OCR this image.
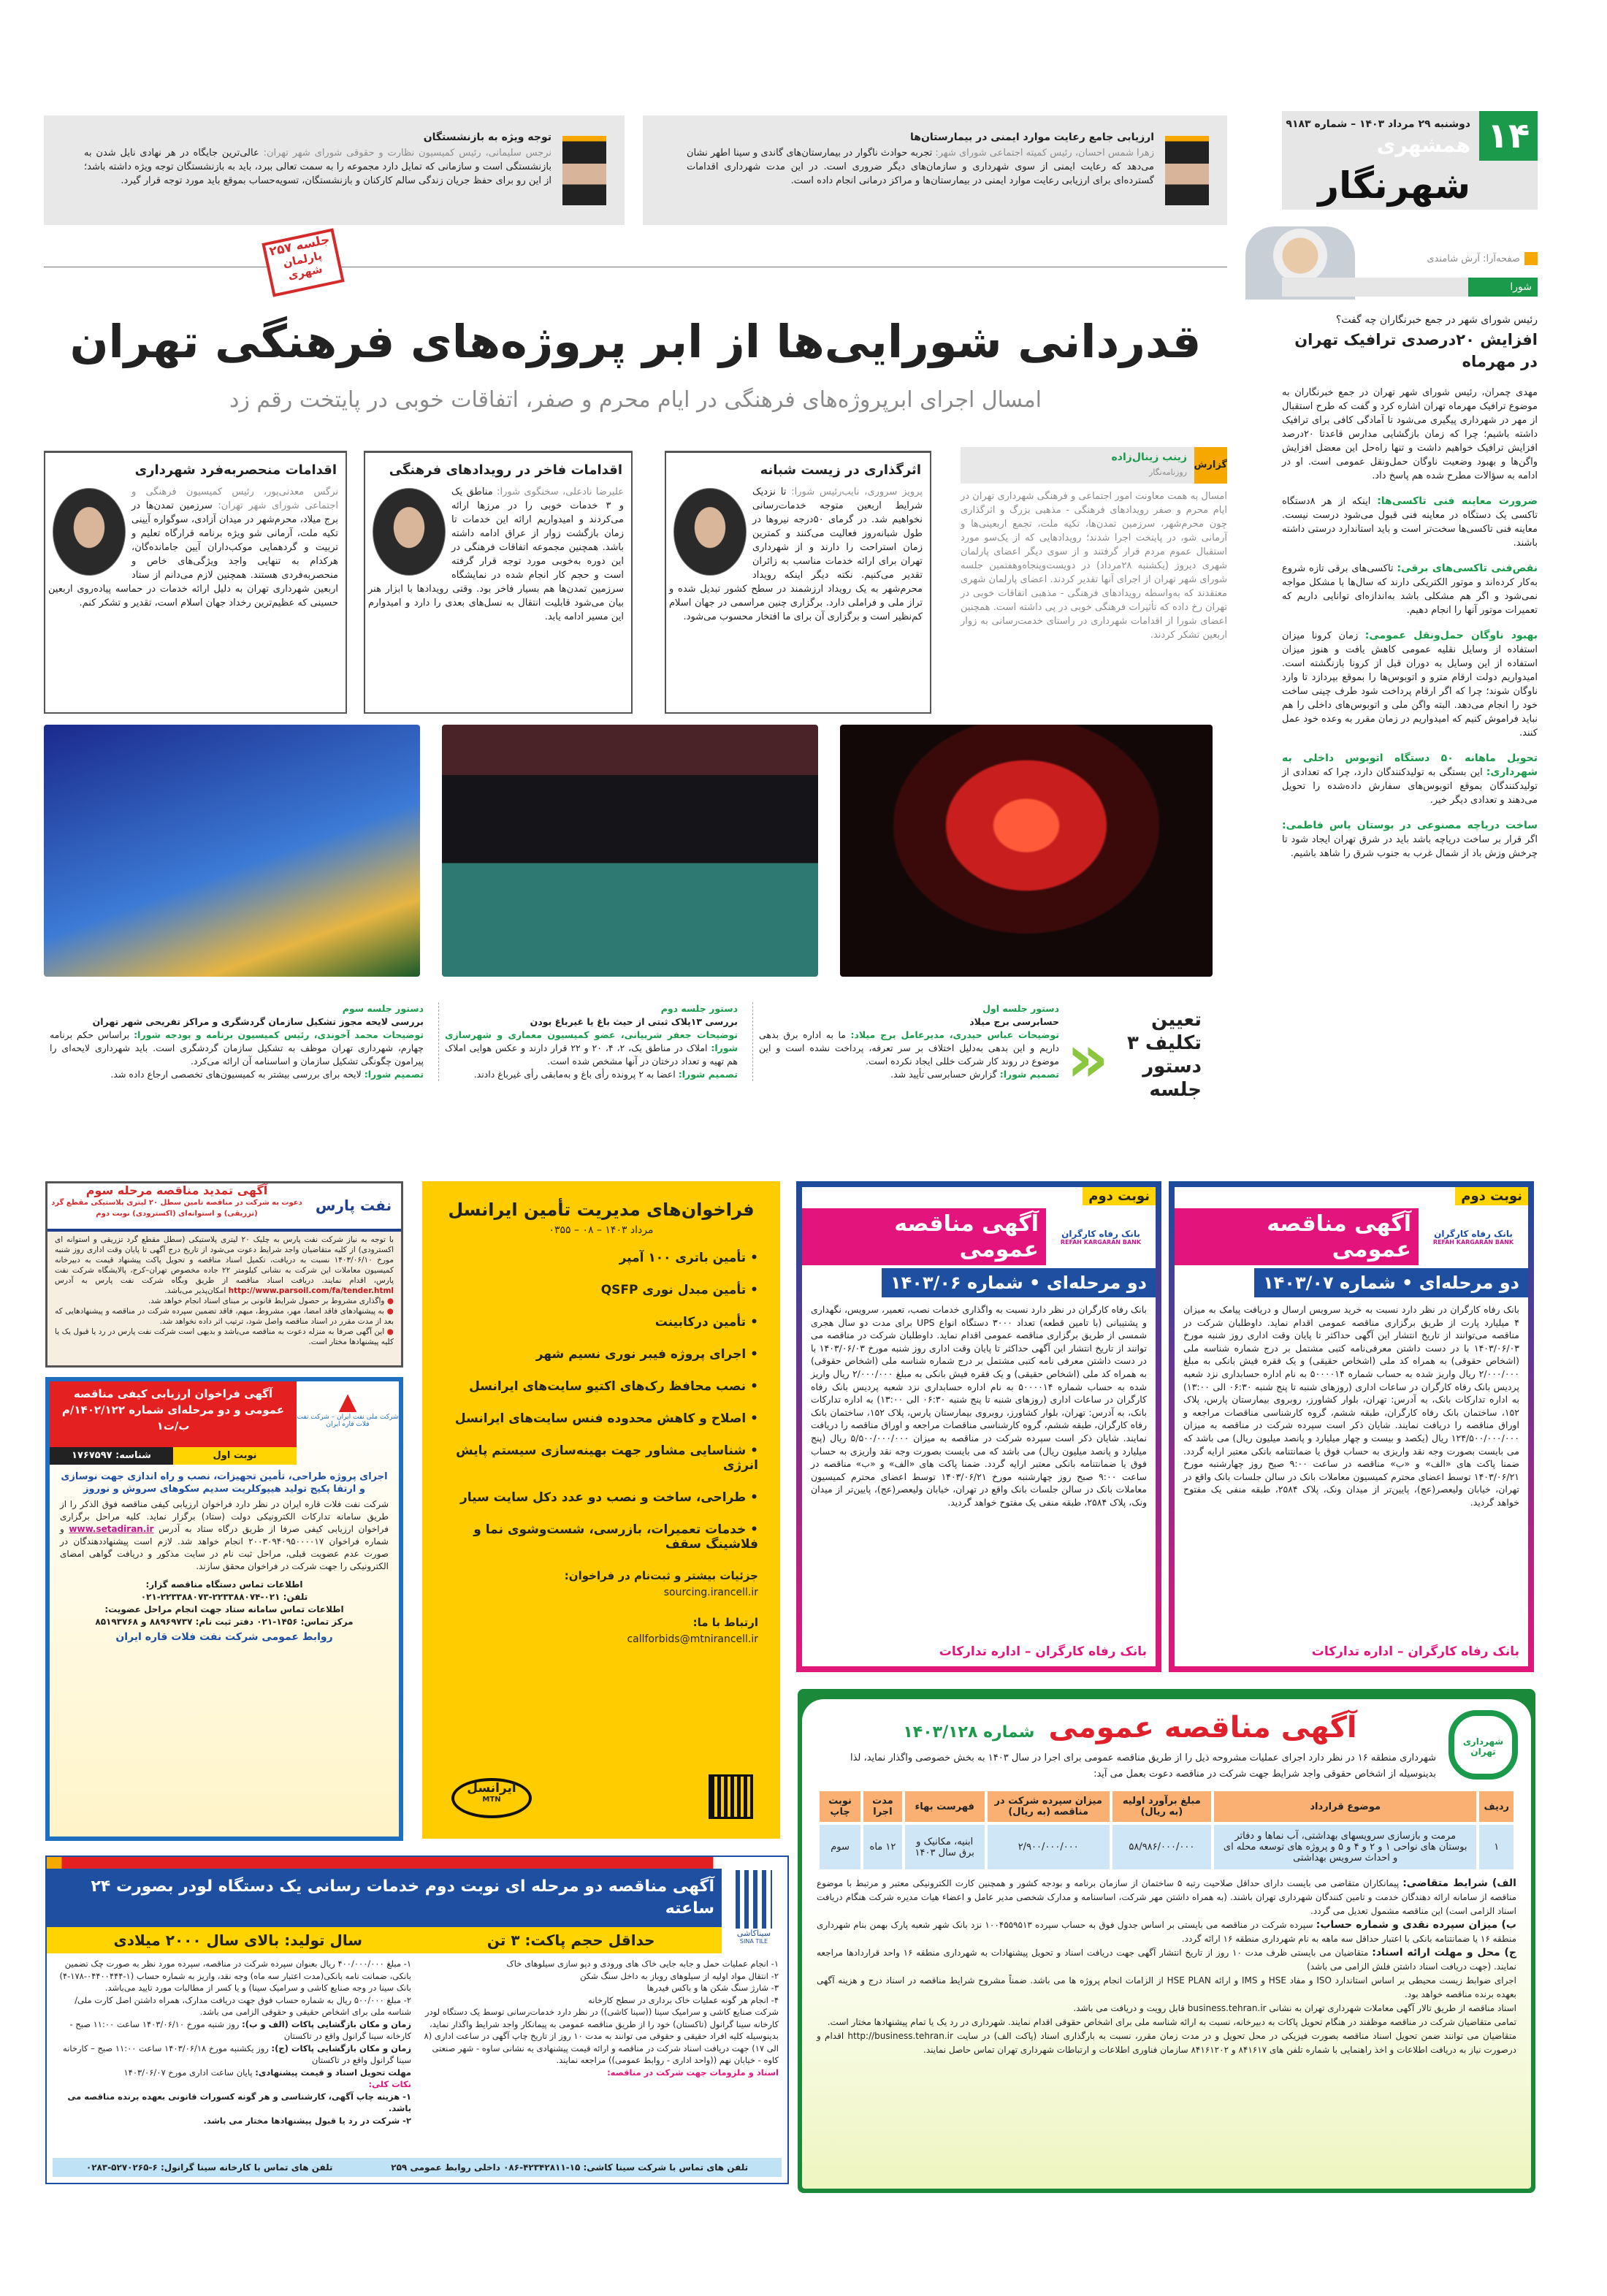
۱۴
دوشنبه ۲۹ مرداد ۱۴۰۳ – شماره ۹۱۸۳
همشهری
شهرنگار
صفحه‌آرا: آرش شامندی
شورا
رئیس شورای شهر در جمع خبرنگاران چه گفت؟
افزایش ۲۰درصدی ترافیک تهران در مهرماه

مهدی چمران، رئیس شورای شهر تهران در جمع خبرنگاران به موضوع ترافیک مهرماه تهران اشاره کرد و گفت که طرح استقبال از مهر در شهرداری پیگیری می‌شود تا آمادگی کافی برای ترافیک داشته باشیم؛ چرا که زمان بازگشایی مدارس قاعدتا ۲۰درصد افزایش ترافیک خواهیم داشت و تنها راه‌حل این معضل افزایش واگن‌ها و بهبود وضعیت ناوگان حمل‌ونقل عمومی است. او در ادامه به سؤالات مطرح شده هم پاسخ داد.

ضرورت معاینه فنی تاکسی‌ها: اینکه از هر ۸دستگاه تاکسی یک دستگاه در معاینه فنی قبول می‌شود درست نیست. معاینه فنی تاکسی‌ها سخت‌تر است و باید استاندارد درستی داشته باشند.

نقص‌فنی تاکسی‌های برقی: تاکسی‌های برقی تازه شروع به‌کار کرده‌اند و موتور الکتریکی دارند که سال‌ها با مشکل مواجه نمی‌شود و اگر هم مشکلی باشد به‌اندازه‌ای توانایی داریم که تعمیرات موتور آنها را انجام دهیم.

بهبود ناوگان حمل‌ونقل عمومی: زمان کرونا میزان استفاده از وسایل نقلیه عمومی کاهش یافت و هنوز میزان استفاده از این وسایل به دوران قبل از کرونا بازنگشته است. امیدواریم دولت ارقام مترو و اتوبوس‌ها را بموقع بپردازد تا وارد ناوگان شوند؛ چرا که اگر ارقام پرداخت شود طرف چینی ساخت خود را انجام می‌دهد. البته واگن ملی و اتوبوس‌های داخلی را هم نباید فراموش کنیم که امیدواریم در زمان مقرر به وعده خود عمل کنند.

تحویل ماهانه ۵۰ دستگاه اتوبوس داخلی به شهرداری: این بستگی به تولیدکنندگان دارد، چرا که تعدادی از تولیدکنندگان بموقع اتوبوس‌های سفارش داده‌شده را تحویل می‌دهند و تعدادی دیگر خیر.

ساخت دریاچه مصنوعی در بوستان یاس فاطمی: اگر قرار بر ساخت دریاچه باشد باید در شرق تهران ایجاد شود تا چرخش وزش باد از شمال غرب به جنوب شرق را شاهد باشیم.

ارزیابی جامع رعایت موارد ایمنی در بیمارستان‌ها
زهرا شمس احسان، رئیس کمیته اجتماعی شورای شهر: تجربه حوادث ناگوار در بیمارستان‌های گاندی و سینا اطهر نشان می‌دهد که رعایت ایمنی از سوی شهرداری و سازمان‌های دیگر ضروری است. در این مدت شهرداری اقدامات گسترده‌ای برای ارزیابی رعایت موارد ایمنی در بیمارستان‌ها و مراکز درمانی انجام داده است.
توجه ویژه به بازنشستگان
نرجس سلیمانی، رئیس کمیسیون نظارت و حقوقی شورای شهر تهران: عالی‌ترین جایگاه در هر نهادی نایل شدن به بازنشستگی است و سازمانی که تمایل دارد مجموعه را به سمت تعالی ببرد، باید به بازنشستگان توجه ویژه داشته باشد؛ از این رو برای حفظ جریان زندگی سالم کارکنان و بازنشستگان، تسویه‌حساب بموقع باید مورد توجه قرار گیرد.
جلسه ۲۵۷
پارلمان شهری
قدردانی شورایی‌ها از ابر پروژه‌های فرهنگی تهران
امسال اجرای ابرپروژه‌های فرهنگی در ایام محرم و صفر، اتفاقات خوبی در پایتخت رقم زد
گزارش
زینب زینال‌زاده
روزنامه‌نگار

امسال به همت معاونت امور اجتماعی و فرهنگی شهرداری تهران در ایام محرم و صفر رویدادهای فرهنگی - مذهبی بزرگ و اثرگذاری چون محرم‌شهر، سرزمین تمدن‌ها، تکیه ملت، تجمع اربعینی‌ها و آرمانی شو، در پایتخت اجرا شدند؛ رویدادهایی که از یک‌سو مورد استقبال عموم مردم قرار گرفتند و از سوی دیگر اعضای پارلمان شهری دیروز (یکشنبه ۲۸مرداد) در دویست‌وپنجاه‌وهفتمین جلسه شورای شهر تهران از اجرای آنها تقدیر کردند. اعضای پارلمان شهری معتقدند که به‌واسطه رویدادهای فرهنگی - مذهبی اتفاقات خوبی در تهران رخ داده که تأثیرات فرهنگی خوبی در پی داشته است. همچنین اعضای شورا از اقدامات شهرداری در راستای خدمت‌رسانی به زوار اربعین تشکر کردند.

اثرگذاری در زیست شبانه
پرویز سروری، نایب‌رئیس شورا: تا نزدیک شرایط اربعین متوجه خدمات‌رسانی نخواهیم شد. در گرمای ۵۰درجه نیروها در طول شبانه‌روز فعالیت می‌کنند و کمترین زمان استراحت را دارند و از شهرداری تهران برای ارائه خدمات مناسب به زائران تقدیر می‌کنیم. نکته دیگر اینکه رویداد محرم‌شهر به یک رویداد ارزشمند در سطح کشور تبدیل شده و تراز ملی و فراملی دارد. برگزاری چنین مراسمی در جهان اسلام کم‌نظیر است و برگزاری آن برای ما افتخار محسوب می‌شود.
اقدامات فاخر در رویدادهای فرهنگی
علیرضا نادعلی، سخنگوی شورا: مناطق یک و ۳ خدمات خوبی را در مرزها ارائه می‌کردند و امیدواریم ارائه این خدمات تا زمان بازگشت زوار از عراق ادامه داشته باشد. همچنین مجموعه اتفاقات فرهنگی در این دوره به‌خوبی مورد توجه قرار گرفته است و حجم کار انجام شده در نمایشگاه سرزمین تمدن‌ها هم بسیار فاخر بود. وقتی رویدادها با ابزار هنر بیان می‌شود قابلیت انتقال به نسل‌های بعدی را دارد و امیدوارم این مسیر ادامه یابد.
اقدامات منحصربه‌فرد شهرداری
نرگس معدنی‌پور، رئیس کمیسیون فرهنگی و اجتماعی شورای شهر تهران: سرزمین تمدن‌ها در برج میلاد، محرم‌شهر در میدان آزادی، سوگواره آیینی تکیه ملت، آرمانی شو ویژه برنامه قرارگاه تعلیم و تربیت و گردهمایی موکب‌داران آیین جامانده‌گان، هرکدام به تنهایی واجد ویژگی‌های خاص و منحصربه‌فردی هستند. همچنین لازم می‌دانم از ستاد اربعین شهرداری تهران به دلیل ارائه خدمات در حماسه پیاده‌روی اربعین حسینی که عظیم‌ترین رخداد جهان اسلام است، تقدیر و تشکر کنم.
تعیین تکلیف ۳ دستور جلسه
«
دستور جلسه اول
حسابرسی برج میلاد
توضیحات عباس حیدری، مدیرعامل برج میلاد: ما به اداره برق بدهی داریم و این بدهی به‌دلیل اختلاف بر سر تعرفه، پرداخت نشده است و این موضوع در روند کار شرکت خللی ایجاد نکرده است.
تصمیم شورا: گزارش حسابرسی تأیید شد.
دستور جلسه دوم
بررسی ۱۳پلاک ثبتی از حیث باغ یا غیرباغ بودن
توضیحات جعفر شربیانی، عضو کمیسیون معماری و شهرسازی شورا: املاک در مناطق یک، ۲، ۴، ۲۰ و ۲۲ قرار دارند و عکس هوایی املاک هم تهیه و تعداد درختان در آنها مشخص شده است.
تصمیم شورا: اعضا به ۲ پرونده رأی باغ و به‌مابقی رأی غیرباغ دادند.
دستور جلسه سوم
بررسی لایحه مجوز تشکیل سازمان گردشگری و مراکز تفریحی شهر تهران
توضیحات محمد آخوندی، رئیس کمیسیون برنامه و بودجه شورا: براساس حکم برنامه چهارم، شهرداری تهران موظف به تشکیل سازمان گردشگری است. باید شهرداری لایحه‌ای را پیرامون چگونگی تشکیل سازمان و اساسنامه آن ارائه می‌کرد.
تصمیم شورا: لایحه برای بررسی بیشتر به کمیسیون‌های تخصصی ارجاع داده شد.
نوبت دوم
بانک رفاه کارگران
REFAH KARGARAN BANK
آگهی مناقصه عمومی
دو مرحله‌ای • شماره ۱۴۰۳/۰۷

بانک رفاه کارگران در نظر دارد نسبت به خرید سرویس ارسال و دریافت پیامک به میزان ۴ میلیارد پارت از طریق برگزاری مناقصه عمومی اقدام نماید. داوطلبان شرکت در مناقصه می‌توانند از تاریخ انتشار این آگهی حداکثر تا پایان وقت اداری روز شنبه مورخ ۱۴۰۳/۰۶/۰۳ با در دست داشتن معرفی‌نامه کتبی مشتمل بر درج شماره شناسه ملی (اشخاص حقوقی) به همراه کد ملی (اشخاص حقیقی) و یک فقره فیش بانکی به مبلغ ۲/۰۰۰/۰۰۰ ریال واریز شده به حساب شماره ۵۰۰۰۰۱۴ به نام اداره حسابداری نزد شعبه پردیس بانک رفاه کارگران در ساعات اداری (روزهای شنبه تا پنج شنبه ۰۶:۳۰ الی ۱۳:۰۰) به اداره تدارکات بانک، به آدرس: تهران، بلوار کشاورز، روبروی بیمارستان پارس، پلاک ۱۵۲، ساختمان بانک رفاه کارگران، طبقه ششم، گروه کارشناسی مناقصات مراجعه و اوراق مناقصه را دریافت نمایند. شایان ذکر است سپرده شرکت در مناقصه به میزان ۱۲۴/۵۰۰/۰۰۰/۰۰۰ ریال (یکصد و بیست و چهار میلیارد و پانصد میلیون ریال) می باشد که می بایست بصورت وجه نقد واریزی به حساب فوق یا ضمانتنامه بانکی معتبر ارایه گردد. ضمنا پاکت های «الف» و «ب» مناقصه در ساعت ۹:۰۰ صبح روز چهارشنبه مورخ ۱۴۰۳/۰۶/۲۱ توسط اعضای محترم کمیسیون معاملات بانک در سالن جلسات بانک واقع در تهران، خیابان ولیعصر(عج)، پایین‌تر از میدان ونک، پلاک ۲۵۸۴، طبقه منفی یک مفتوح خواهد گردید.

بانک رفاه کارگران – اداره تدارکات
نوبت دوم
بانک رفاه کارگران
REFAH KARGARAN BANK
آگهی مناقصه عمومی
دو مرحله‌ای • شماره ۱۴۰۳/۰۶

بانک رفاه کارگران در نظر دارد نسبت به واگذاری خدمات نصب، تعمیر، سرویس، نگهداری و پشتیبانی (با تامین قطعه) تعداد ۳۰۰۰ دستگاه انواع UPS برای مدت دو سال هجری شمسی از طریق برگزاری مناقصه عمومی اقدام نماید. داوطلبان شرکت در مناقصه می توانند از تاریخ انتشار این آگهی حداکثر تا پایان وقت اداری روز شنبه مورخ ۱۴۰۳/۰۶/۰۳ با در دست داشتن معرفی نامه کتبی مشتمل بر درج شماره شناسه ملی (اشخاص حقوقی) به همراه کد ملی (اشخاص حقیقی) و یک فقره فیش بانکی به مبلغ ۲/۰۰۰/۰۰۰ ریال واریز شده به حساب شماره ۵۰۰۰۰۱۴ به نام اداره حسابداری نزد شعبه پردیس بانک رفاه کارگران در ساعات اداری (روزهای شنبه تا پنج شنبه ۰۶:۳۰ الی ۱۳:۰۰) به اداره تدارکات بانک، به آدرس: تهران، بلوار کشاورز، روبروی بیمارستان پارس، پلاک ۱۵۲، ساختمان بانک رفاه کارگران، طبقه ششم، گروه کارشناسی مناقصات مراجعه و اوراق مناقصه را دریافت نمایند. شایان ذکر است سپرده شرکت در مناقصه به میزان ۵/۵۰۰/۰۰۰/۰۰۰ ریال (پنج میلیارد و پانصد میلیون ریال) می باشد که می بایست بصورت وجه نقد واریزی به حساب فوق یا ضمانتنامه بانکی معتبر ارایه گردد. ضمنا پاکت های «الف» و «ب» مناقصه در ساعت ۹:۰۰ صبح روز چهارشنبه مورخ ۱۴۰۳/۰۶/۲۱ توسط اعضای محترم کمیسیون معاملات بانک در سالن جلسات بانک واقع در تهران، خیابان ولیعصر(عج)، پایین‌تر از میدان ونک، پلاک ۲۵۸۴، طبقه منفی یک مفتوح خواهد گردید.

بانک رفاه کارگران – اداره تدارکات
فراخوان‌های مدیریت تأمین ایرانسل
مرداد ۱۴۰۳ – ۰۸ – ۰۳۵۵
• تأمین باتری ۱۰۰ آمپر
• تأمین مبدل نوری QSFP
• تأمین درکابینت
• اجرای پروژه فیبر نوری نسیم شهر
• نصب محافظ رک‌های اکتیو سایت‌های ایرانسل
• اصلاح و کاهش محدوده فنس سایت‌های ایرانسل
• شناسایی مشاور جهت بهینه‌سازی سیستم پایش انرژی
• طراحی، ساخت و نصب دو عدد دکل سایت سیار
• خدمات تعمیرات، بازرسی، شست‌وشوی نما و فلاشینگ سقف
جزئیات بیشتر و ثبت‌نام در فراخوان:
sourcing.irancell.ir
ارتباط با ما:
callforbids@mtnirancell.ir
ایرانسل
MTN
نفت پارس
آگهی تمدید مناقصه مرحله سوم
دعوت به شرکت در مناقصه تامین سطل ۲۰ لیتری پلاستیکی مقطع گرد (تزریقی) و استوانه‌ای (اکسترودی) نوبت دوم
با توجه به نیاز شرکت نفت پارس به چلیک ۲۰ لیتری پلاستیکی (سطل مقطع گرد تزریقی و استوانه ای اکسترودی) از کلیه متقاضیان واجد شرایط دعوت می‌شود از تاریخ درج آگهی تا پایان وقت اداری روز شنبه مورخ ۱۴۰۳/۰۶/۱۰ نسبت به دریافت، تکمیل اسناد مناقصه و تحویل پاکت پیشنهاد قیمت به دبیرخانه کمیسیون معاملات این شرکت به نشانی کیلومتر ۲۲ جاده مخصوص تهران–کرج، پالایشگاه شرکت نفت پارس، اقدام نمایند. دریافت اسناد مناقصه از طریق وبگاه شرکت نفت پارس به آدرس http://www.parsoil.com/fa/tender.html امکان‌پذیر می‌باشد.
● واگذاری مشروط بر حصول شرایط قانونی بر مبنای اسناد انجام خواهد شد.
● به پیشنهادهای فاقد امضا، مهر، مشروط، مبهم، فاقد تضمین سپرده شرکت در مناقصه و پیشنهادهایی که بعد از مدت مقرر در اسناد مناقصه واصل شود، ترتیب اثر داده نخواهد شد.
● این آگهی صرفا به منزله دعوت به مناقصه می‌باشد و بدیهی است شرکت نفت پارس در رد یا قبول یک یا کلیه پیشنهادها مختار است.
▲
شرکت ملی نفت ایران – شرکت نفت فلات قاره ایران
آگهی فراخوان ارزیابی کیفی مناقصه عمومی و دو مرحله‌ای شماره ۱۴۰۲/۱۲۲/م ب/ت۱
نوبت اول
شناسه: ۱۷۶۷۵۹۷
اجرای پروژه طراحی، تأمین تجهیزات، نصب و راه اندازی جهت نوسازی و ارتقا پکیج تولید هیپوکلریت سدیم سکوهای سروش و نوروز
شرکت نفت فلات قاره ایران در نظر دارد فراخوان ارزیابی کیفی مناقصه فوق الذکر را از طریق سامانه تدارکات الکترونیکی دولت (ستاد) برگزار نماید. کلیه مراحل برگزاری فراخوان ارزیابی کیفی صرفا از طریق درگاه ستاد به آدرس www.setadiran.ir و شماره فراخوان ۲۰۰۳۰۹۴۰۹۵۰۰۰۰۱۷ انجام خواهد شد. لازم است پیشنهاددهندگان در صورت عدم عضویت قبلی، مراحل ثبت نام در سایت مذکور و دریافت گواهی امضای الکترونیکی را جهت شرکت در فراخوان محقق سازند.
اطلاعات تماس دستگاه مناقصه گزار:
تلفن: ۰۲۱-۲۲۳۳۸۸۰۷۴-۲۲۳۳۸۸۰۷۳-۰۲۱
اطلاعات تماس سامانه ستاد جهت انجام مراحل عضویت:
مرکز تماس: ۱۴۵۶-۰۲۱ دفتر ثبت نام: ۸۸۹۶۹۷۳۷ و ۸۵۱۹۳۷۶۸
روابط عمومی شرکت نفت فلات قاره ایران
شهرداری تهران
آگهی مناقصه عمومی شماره ۱۴۰۳/۱۲۸

شهرداری منطقه ۱۶ در نظر دارد اجرای عملیات مشروحه ذیل را از طریق مناقصه عمومی برای اجرا در سال ۱۴۰۳ به بخش خصوصی واگذار نماید، لذا بدینوسیله از اشخاص حقوقی واجد شرایط جهت شرکت در مناقصه دعوت بعمل می آید:

ردیف	موضوع قرارداد	مبلغ برآورد اولیه (به ریال)	میزان سپرده شرکت در مناقصه (به ریال)	فهرست بهاء	مدت اجرا	نوبت چاپ
۱	مرمت و بازسازی سرویسهای بهداشتی، آب نماها و دفاتر بوستان های نواحی ۱ و ۲ و ۴ و ۵ و پروژه های توسعه محله ای و احداث سرویس بهداشتی	۵۸/۹۸۶/۰۰۰/۰۰۰	۲/۹۰۰/۰۰۰/۰۰۰	ابنیه، مکانیک و برق سال ۱۴۰۳	۱۲ ماه	سوم
الف) شرایط متقاضی: پیمانکاران متقاضی می بایست دارای حداقل صلاحیت رتبه ۵ ساختمان از سازمان برنامه و بودجه کشور و همچنین کارت الکترونیکی معتبر و مرتبط با موضوع مناقصه از سامانه ارائه دهندگان خدمت و تامین کنندگان شهرداری تهران باشند. (به همراه داشتن مهر شرکت، اساسنامه و مدارک شخصی مدیر عامل و اعضاء هیات مدیره شرکت هنگام دریافت اسناد الزامی است) این مناقصه مشمول تعدیل می گردد.
ب) میزان سپرده نقدی و شماره حساب: سپرده شرکت در مناقصه می بایستی بر اساس جدول فوق به حساب سپرده ۱۰۰۴۵۵۹۵۱۳ نزد بانک شهر شعبه پارک بهمن بنام شهرداری منطقه ۱۶ یا ضمانتنامه بانکی با اعتبار حداقل سه ماهه به نام شهرداری منطقه ۱۶ ارائه گردد.
ج) محل و مهلت ارائه اسناد: متقاضیان می بایستی ظرف مدت ۱۰ روز از تاریخ انتشار آگهی جهت دریافت اسناد و تحویل پیشنهادات به شهرداری منطقه ۱۶ واحد قراردادها مراجعه نمایند. (جهت دریافت اسناد داشتن فلش الزامی می باشد)
اجرای ضوابط زیست محیطی بر اساس استاندارد ISO و مفاد HSE و IMS و ارائه HSE PLAN از الزامات انجام پروژه ها می باشد. ضمناً مشروح شرایط مناقصه در اسناد درج و هزینه آگهی بعهده برنده مناقصه خواهد بود.
اسناد مناقصه از طریق تالار آگهی معاملات شهرداری تهران به نشانی business.tehran.ir قابل رویت و دریافت می باشد.
تمامی متقاضیان شرکت در مناقصه موظفند در هنگام تحویل پاکات به دبیرخانه، نسبت به ارائه شناسه ملی برای اشخاص حقوقی اقدام نمایند. شهرداری در رد یک یا تمام پیشنهادها مختار است.
متقاضیان می توانند ضمن تحویل اسناد مناقصه بصورت فیزیکی در محل تحویل و در مدت زمان مقرر، نسبت به بارگذاری اسناد (پاکت الف) در سایت http://business.tehran.ir اقدام و درصورت نیاز به دریافت اطلاعات و اخذ راهنمایی با شماره تلفن های ۸۴۱۶۱۷ و ۸۴۱۶۱۲۰۲ سازمان فناوری اطلاعات و ارتباطات شهرداری تهران تماس حاصل نمایند.
سیناکاشی
SINA TILE
آگهی مناقصه دو مرحله ای نوبت دوم خدمات رسانی یک دستگاه لودر بصورت ۲۴ ساعته
حداقل حجم پاکت: ۳ تن
سال تولید: بالای سال ۲۰۰۰ میلادی
۱- انجام عملیات حمل و جابه جایی خاک های ورودی و دپو سازی سیلوهای خاک
۲- انتقال مواد اولیه از سیلوهای روباز به داخل سنگ شکن
۳- شارژ سنگ شکن ها و باکس فیدرها
۴- انجام هر گونه عملیات خاک برداری در سطح کارخانه
شرکت صنایع کاشی و سرامیک سینا ((سینا کاشی)) در نظر دارد خدمات‌رسانی توسط یک دستگاه لودر کارخانه سینا گرانول (تاکستان) خود را از طریق مناقصه عمومی به پیمانکار واجد شرایط واگذار نماید، بدینوسیله کلیه افراد حقیقی و حقوقی می توانند به مدت ۱۰ روز از تاریخ چاپ آگهی در ساعت اداری (۸ الی ۱۷) جهت دریافت اسناد شرکت در مناقصه و ارائه قیمت پیشنهادی به نشانی ساوه - شهر صنعتی کاوه - خیابان نهم ((واحد اداری - روابط عمومی)) مراجعه نمایند.
اسناد و ملزومات جهت شرکت در مناقصه:
۱- مبلغ ۴۰۰/۰۰۰/۰۰۰ ریال بعنوان سپرده شرکت در مناقصه، سپرده مورد نظر به صورت چک تضمین بانکی، ضمانت نامه بانکی(مدت اعتبار سه ماه) وجه نقد، واریز به شماره حساب (۱-۰۴۴۰۰۴۴۴-۱۷۸-۴) بانک سینا در وجه صنایع کاشی و سرامیک سینا) و یا کسر از مطالبات مورد تایید می‌باشد.
۲- مبلغ ۵۰۰/۰۰۰ ریال به شماره حساب فوق جهت دریافت مدارک، همراه داشتن اصل کارت ملی/ شناسه ملی برای اشخاص حقیقی و حقوقی الزامی می باشد.
زمان و مکان بازگشایی پاکات (الف و ب): روز شنبه مورخ ۱۴۰۳/۰۶/۱۰ ساعت ۱۱:۰۰ صبح - کارخانه سینا گرانول واقع در تاکستان
زمان و مکان بازگشایی پاکات (ج): روز یکشنبه مورخ ۱۴۰۳/۰۶/۱۸ ساعت ۱۱:۰۰ صبح – کارخانه سینا گرانول واقع در تاکستان
مهلت تحویل اسناد و قیمت پیشنهادی: پایان ساعت اداری مورخ ۱۴۰۳/۰۶/۰۷
نکات کلی:
۱- هزینه چاپ آگهی، کارشناسی و هر گونه کسورات قانونی بعهده برنده مناقصه می باشد.
۲- شرکت در رد یا قبول پیشنهادها مختار می باشد.
تلفن های تماس با شرکت سینا کاشی: ۱۵-۴۲۳۴۲۸۱۱-۰۸۶ داخلی روابط عمومی ۲۵۹
تلفن های تماس با کارخانه سینا گرانول: ۶-۵۲۷۰۲۶۵-۰۲۸۳
